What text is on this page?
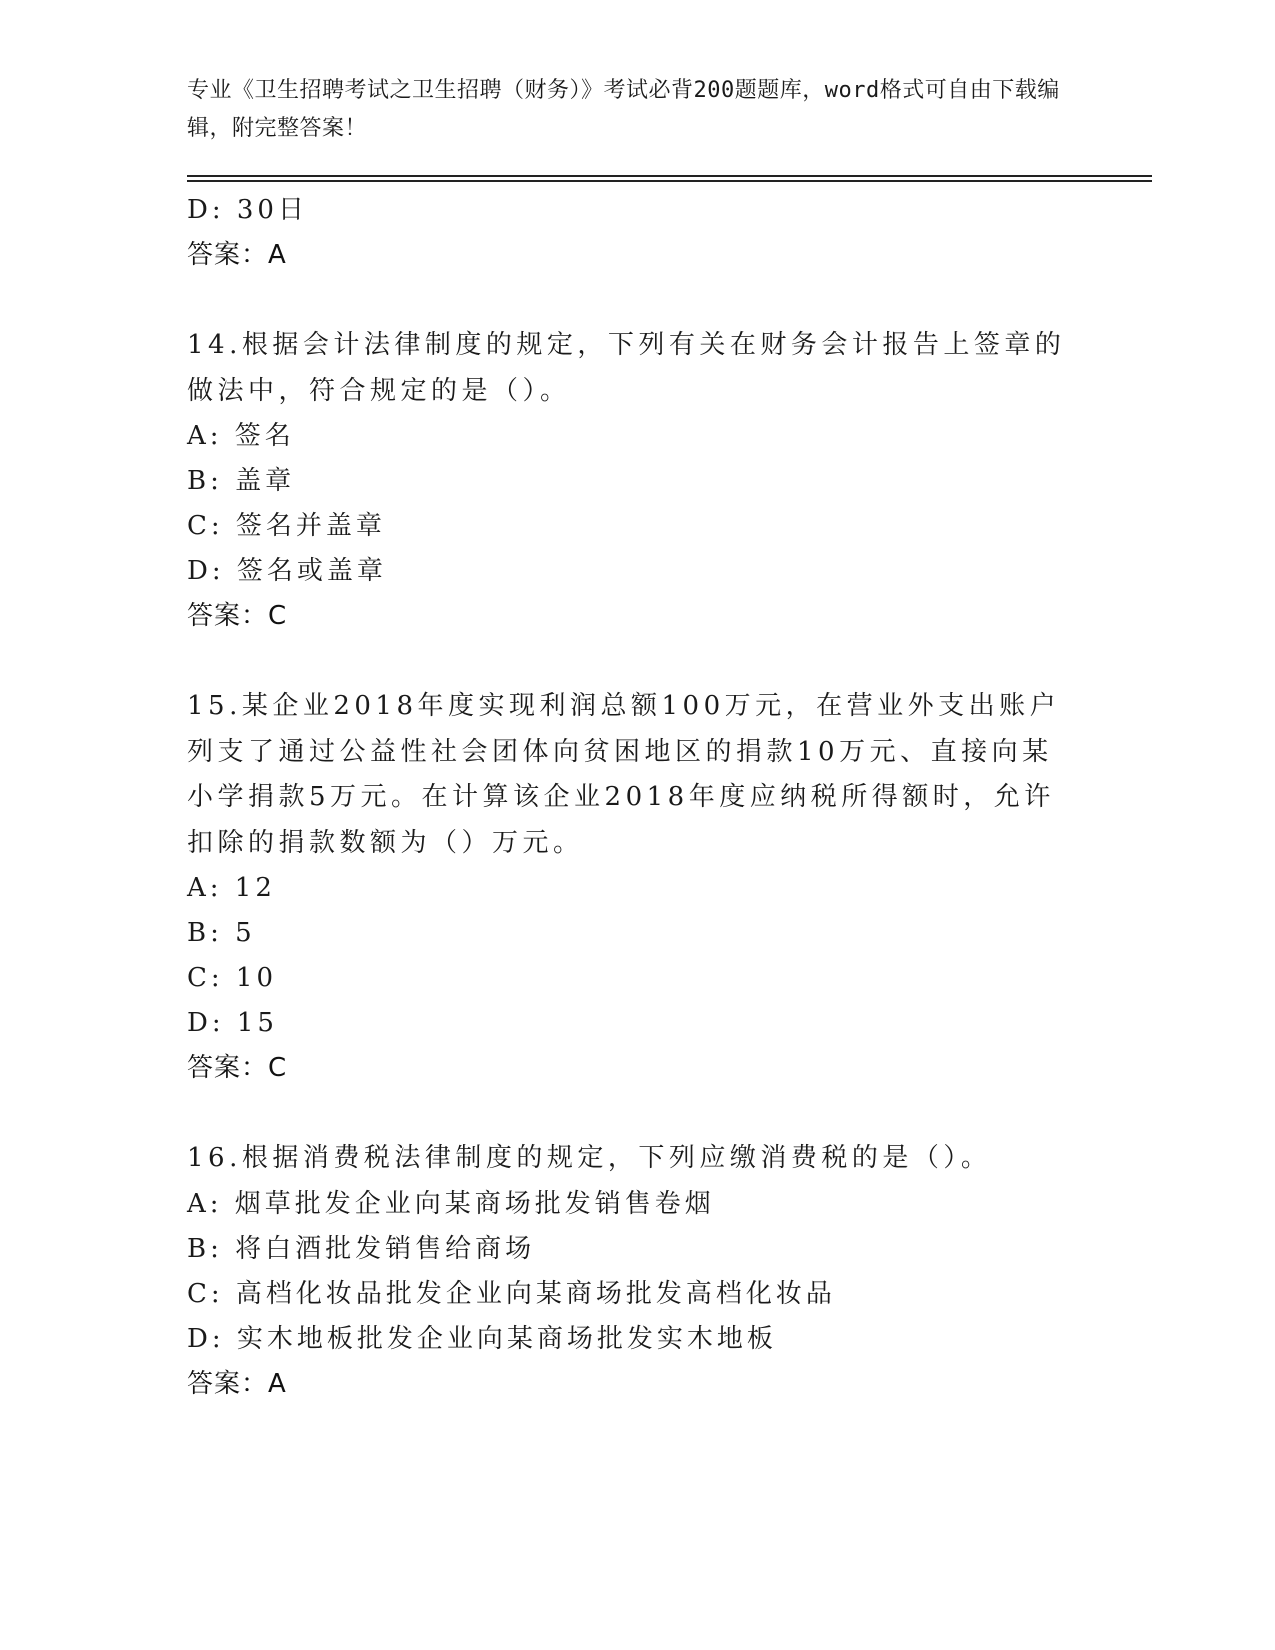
专业《卫生招聘考试之卫生招聘（财务）》考试必背200题题库，word格式可自由下载编辑，附完整答案！
D: 30日
答案：A
14.根据会计法律制度的规定，下列有关在财务会计报告上签章的做法中，符合规定的是（）。
A: 签名
B: 盖章
C: 签名并盖章
D: 签名或盖章
答案：C
15.某企业2018年度实现利润总额100万元，在营业外支出账户列支了通过公益性社会团体向贫困地区的捐款10万元、直接向某小学捐款5万元。在计算该企业2018年度应纳税所得额时，允许扣除的捐款数额为（）万元。
A: 12
B: 5
C: 10
D: 15
答案：C
16.根据消费税法律制度的规定，下列应缴消费税的是（）。
A: 烟草批发企业向某商场批发销售卷烟
B: 将白酒批发销售给商场
C: 高档化妆品批发企业向某商场批发高档化妆品
D: 实木地板批发企业向某商场批发实木地板
答案：A
